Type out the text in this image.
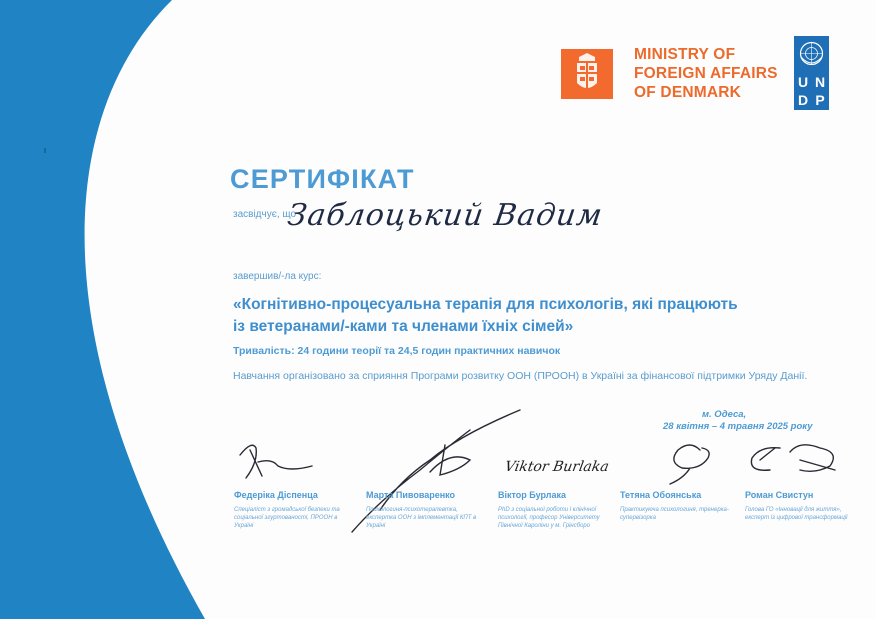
MINISTRY OF
FOREIGN AFFAIRS
OF DENMARK
U N
D P
СЕРТИФІКАТ
засвідчує, що
Заблоцький Вадим
завершив/-ла курс:
«Когнітивно-процесуальна терапія для психологів, які працюють
із ветеранами/-ками та членами їхніх сімей»
Тривалість: 24 години теорії та 24,5 годин практичних навичок
Навчання організовано за сприяння Програми розвитку ООН (ПРООН) в Україні за фінансової підтримки Уряду Данії.
м. Одеса,
28 квітня – 4 травня 2025 року
Viktor Burlaka
Федеріка Діспенца
Спеціаліст з громадської безпеки та соціальної згуртованості, ПРООН в Україні
Марта Пивоваренко
Психологиня-психотерапевтка, експертка ООН з імплементації КПТ в Україні
Віктор Бурлака
PhD з соціальної роботи і клінічної психології, професор Університету Північної Кароліни у м. Грінсборо
Тетяна Обоянська
Практикуюча психологиня, тренерка-супервізорка
Роман Свистун
Голова ГО «Інновації для життя», експерт із цифрової трансформації
